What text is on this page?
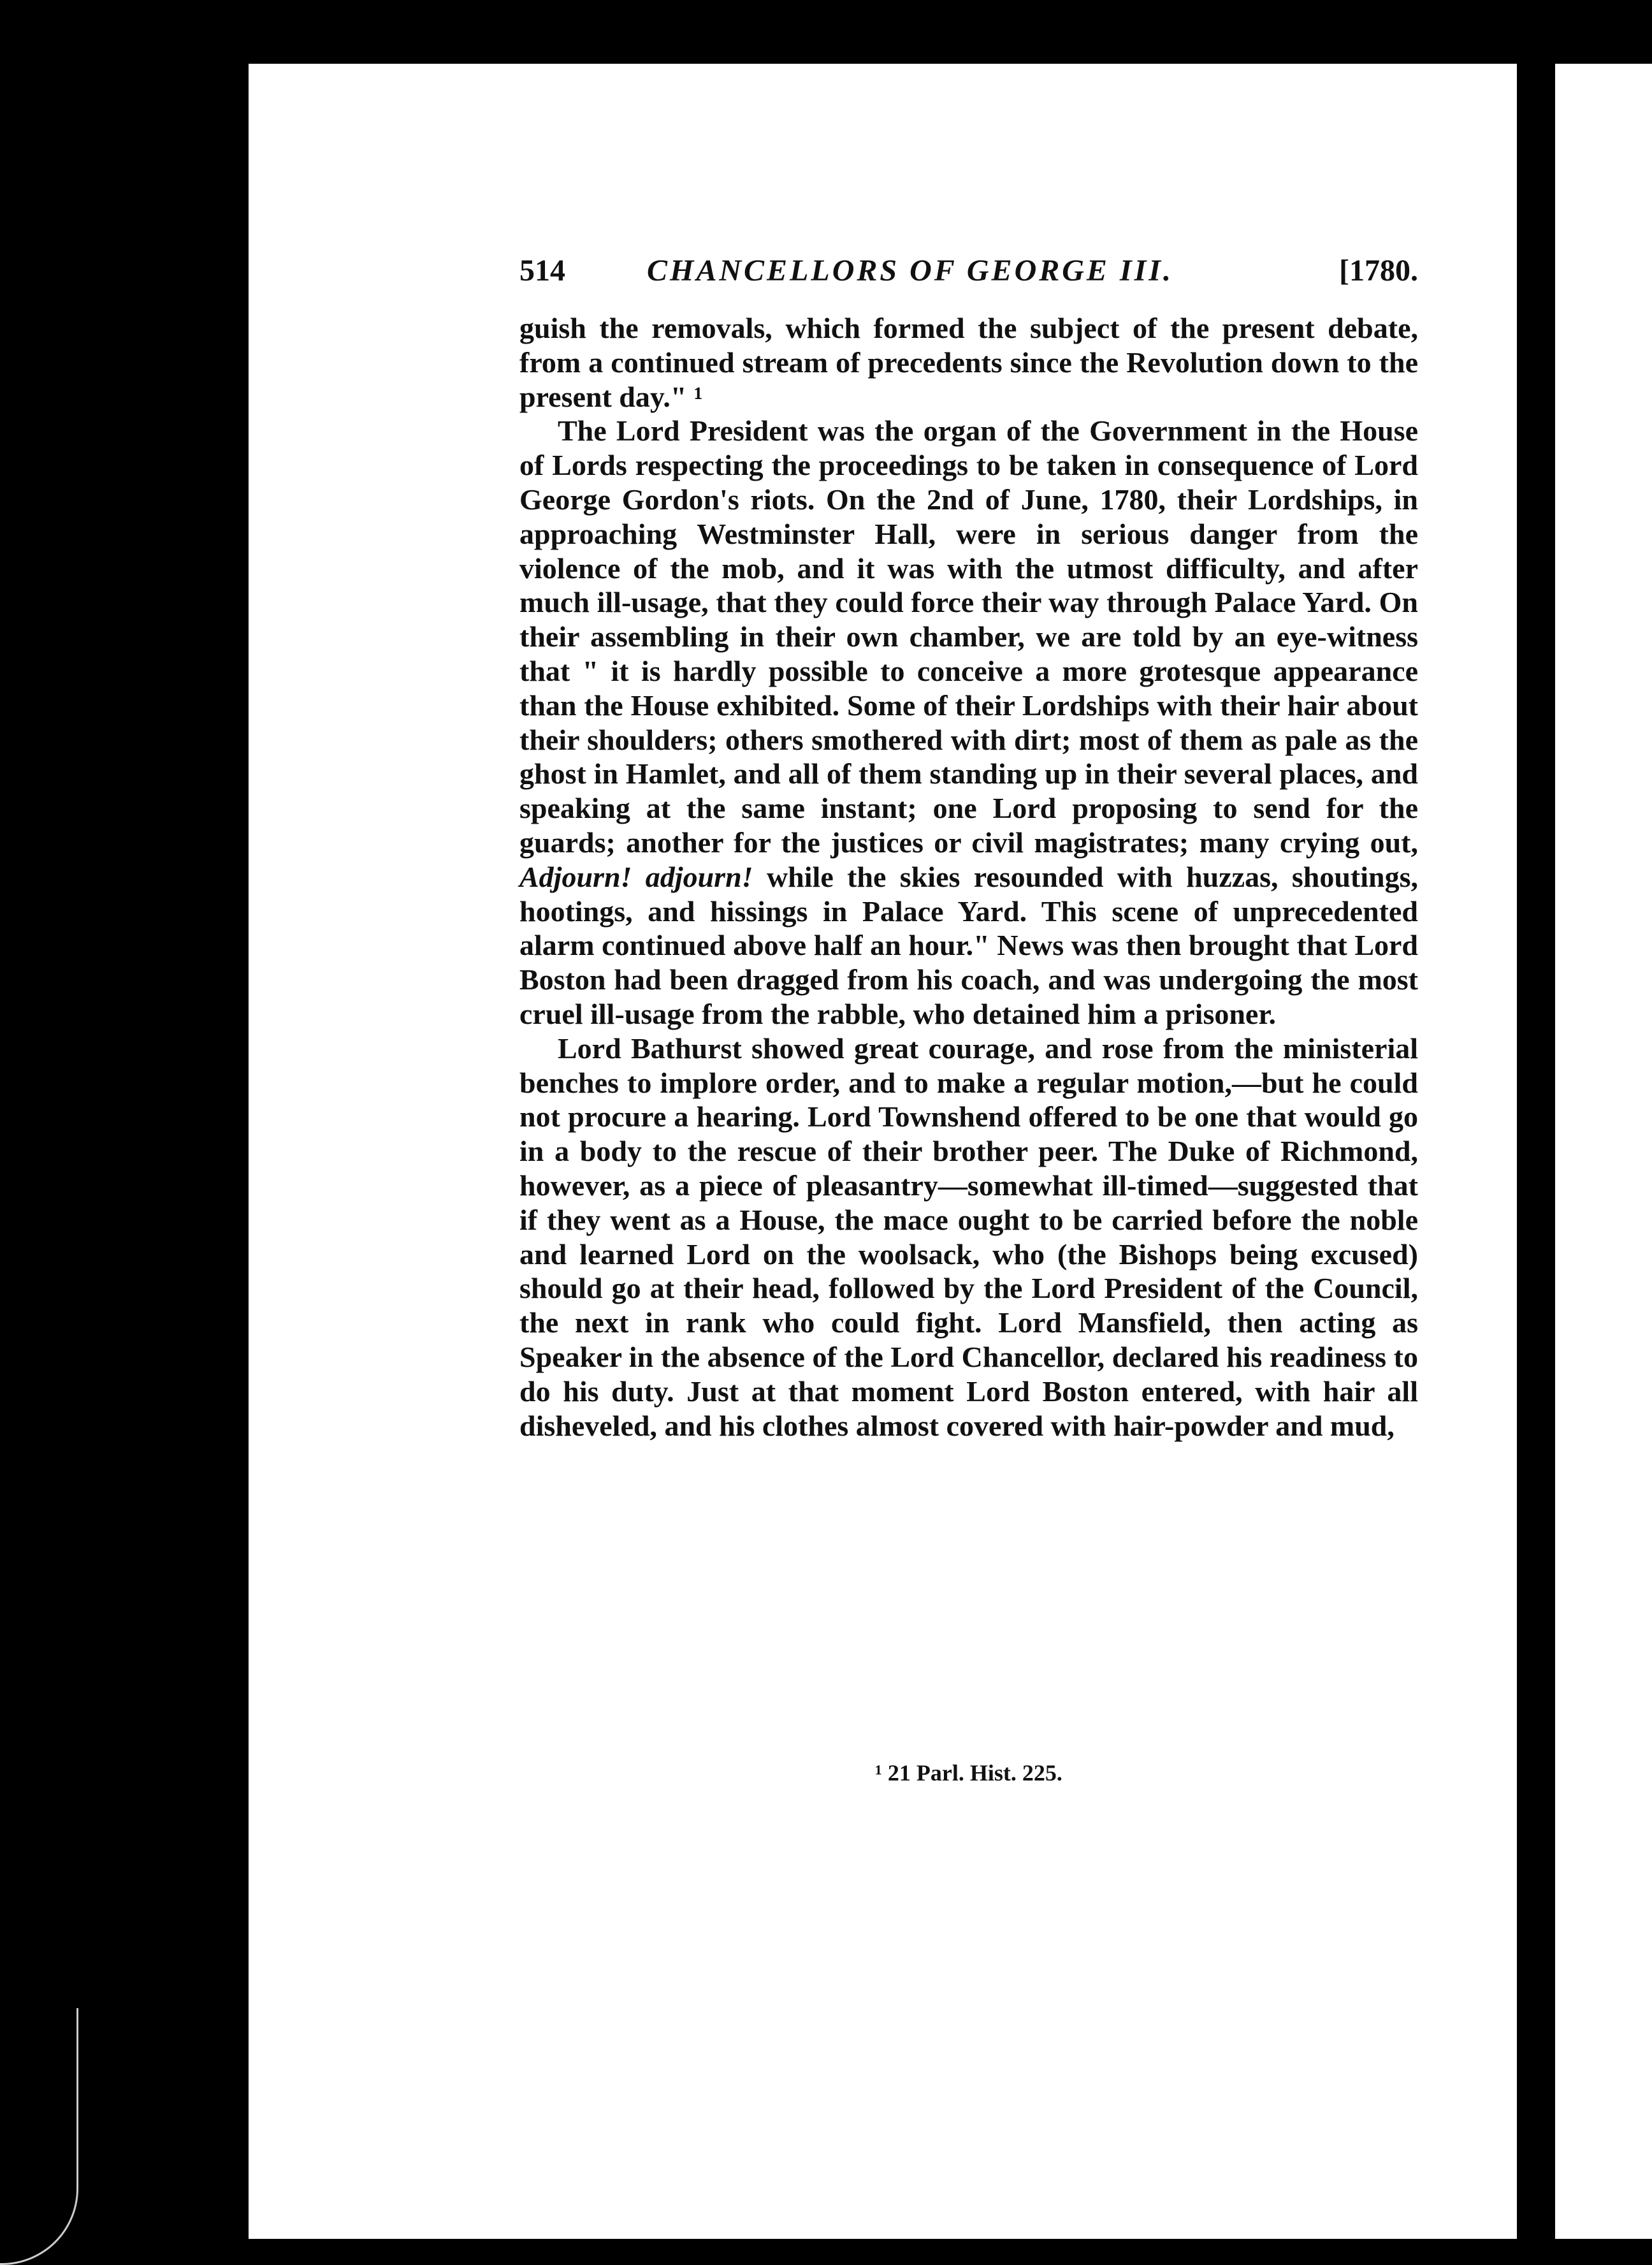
514	CHANCELLORS OF GEORGE III.	[1780.

guish the removals, which formed the subject of the present debate, from a continued stream of precedents since the Revolution down to the present day." ¹

The Lord President was the organ of the Government in the House of Lords respecting the proceedings to be taken in consequence of Lord George Gordon's riots. On the 2nd of June, 1780, their Lordships, in approaching Westminster Hall, were in serious danger from the violence of the mob, and it was with the utmost difficulty, and after much ill-usage, that they could force their way through Palace Yard. On their assembling in their own chamber, we are told by an eye-witness that " it is hardly possible to conceive a more grotesque appearance than the House exhibited. Some of their Lordships with their hair about their shoulders; others smothered with dirt; most of them as pale as the ghost in Hamlet, and all of them standing up in their several places, and speaking at the same instant; one Lord proposing to send for the guards; another for the justices or civil magistrates; many crying out, Adjourn! adjourn! while the skies resounded with huzzas, shoutings, hootings, and hissings in Palace Yard. This scene of unprecedented alarm continued above half an hour." News was then brought that Lord Boston had been dragged from his coach, and was undergoing the most cruel ill-usage from the rabble, who detained him a prisoner.

Lord Bathurst showed great courage, and rose from the ministerial benches to implore order, and to make a regular motion,—but he could not procure a hearing. Lord Townshend offered to be one that would go in a body to the rescue of their brother peer. The Duke of Richmond, however, as a piece of pleasantry—somewhat ill-timed—suggested that if they went as a House, the mace ought to be carried before the noble and learned Lord on the woolsack, who (the Bishops being excused) should go at their head, followed by the Lord President of the Council, the next in rank who could fight. Lord Mansfield, then acting as Speaker in the absence of the Lord Chancellor, declared his readiness to do his duty. Just at that moment Lord Boston entered, with hair all disheveled, and his clothes almost covered with hair-powder and mud,

¹ 21 Parl. Hist. 225.
